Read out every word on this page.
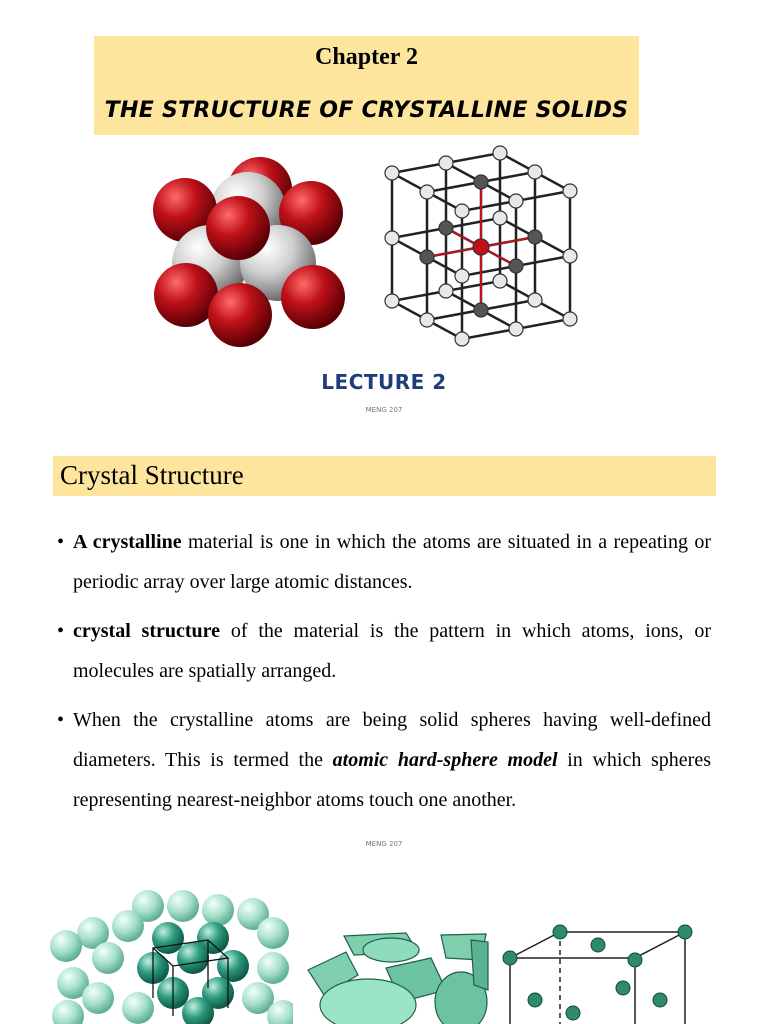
Chapter 2
THE STRUCTURE OF CRYSTALLINE SOLIDS
LECTURE 2
MENG 207
Crystal Structure
• A crystalline material is one in which the atoms are situated in a repeating or periodic array over large atomic distances.
• crystal structure of the material is the pattern in which atoms, ions, or molecules are spatially arranged.
• When the crystalline atoms are being solid spheres having well-defined diameters. This is termed the atomic hard-sphere model in which spheres representing nearest-neighbor atoms touch one another.
MENG 207
